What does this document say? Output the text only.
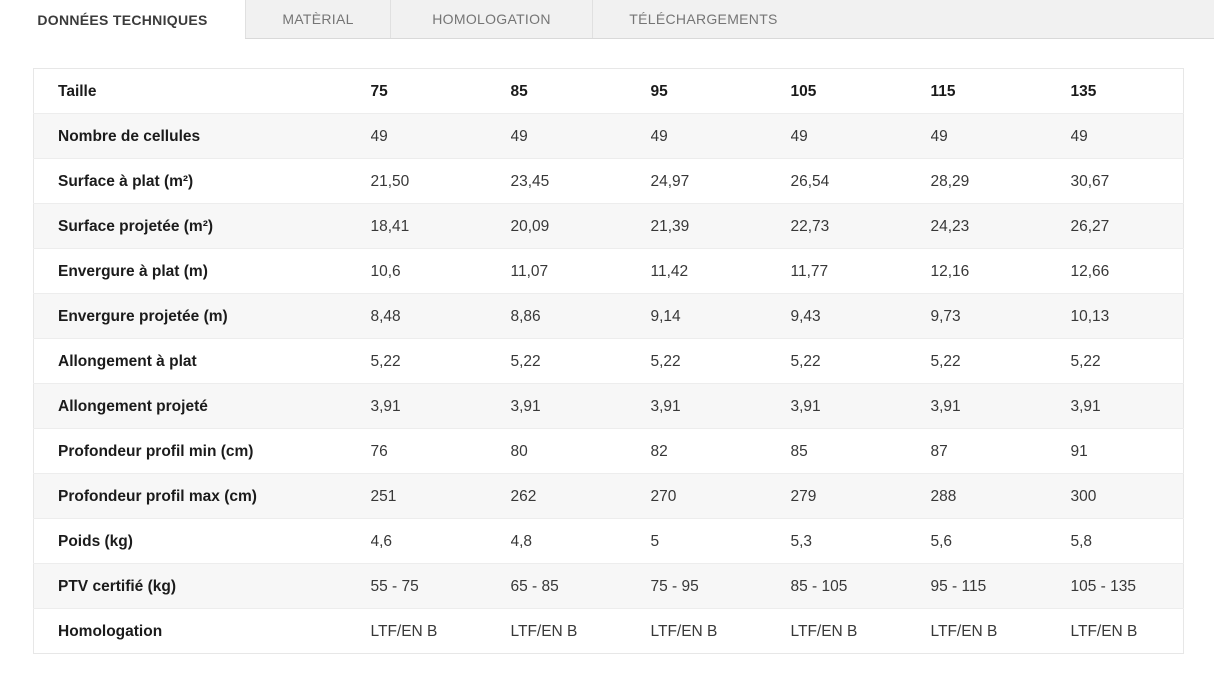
DONNÉES TECHNIQUES	MATÈRIAL	HOMOLOGATION	TÉLÉCHARGEMENTS
Taille	75	85	95	105	115	135
Nombre de cellules	49	49	49	49	49	49
Surface à plat (m²)	21,50	23,45	24,97	26,54	28,29	30,67
Surface projetée (m²)	18,41	20,09	21,39	22,73	24,23	26,27
Envergure à plat (m)	10,6	11,07	11,42	11,77	12,16	12,66
Envergure projetée (m)	8,48	8,86	9,14	9,43	9,73	10,13
Allongement à plat	5,22	5,22	5,22	5,22	5,22	5,22
Allongement projeté	3,91	3,91	3,91	3,91	3,91	3,91
Profondeur profil min (cm)	76	80	82	85	87	91
Profondeur profil max (cm)	251	262	270	279	288	300
Poids (kg)	4,6	4,8	5	5,3	5,6	5,8
PTV certifié (kg)	55 - 75	65 - 85	75 - 95	85 - 105	95 - 115	105 - 135
Homologation	LTF/EN B	LTF/EN B	LTF/EN B	LTF/EN B	LTF/EN B	LTF/EN B
